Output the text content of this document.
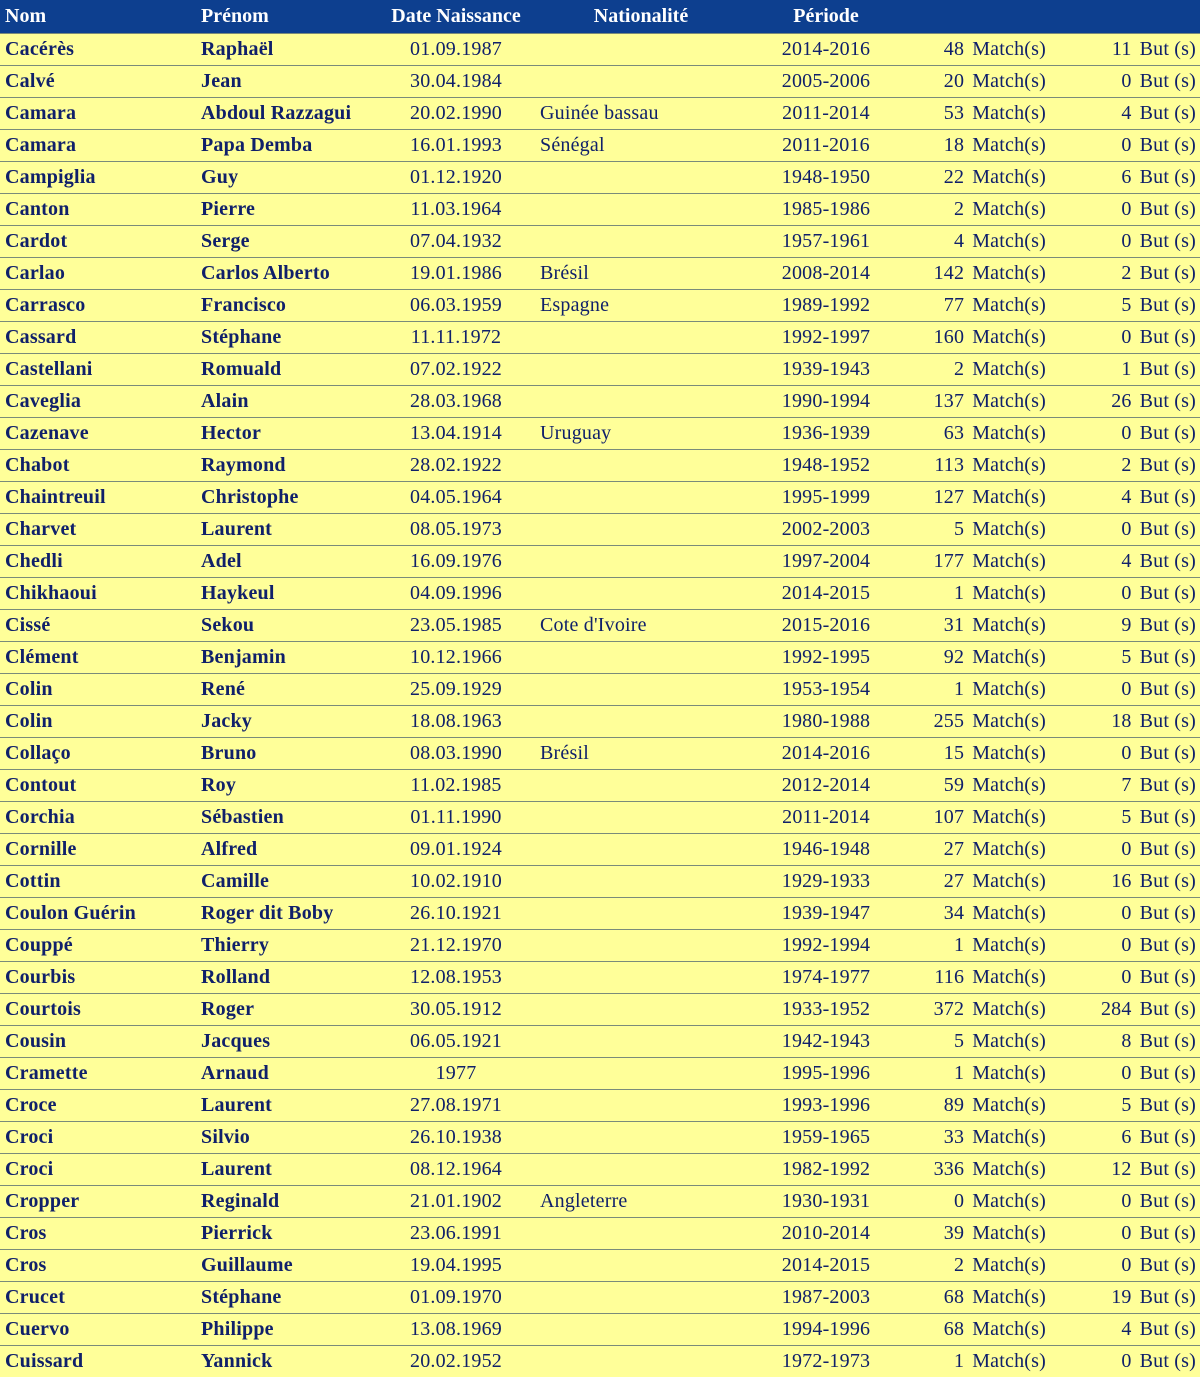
Nom	Prénom	Date Naissance	Nationalité	Période		
Cacérès	Raphaël	01.09.1987		2014-2016	48 Match(s)	11 But (s)
Calvé	Jean	30.04.1984		2005-2006	20 Match(s)	0 But (s)
Camara	Abdoul Razzagui	20.02.1990	Guinée bassau	2011-2014	53 Match(s)	4 But (s)
Camara	Papa Demba	16.01.1993	Sénégal	2011-2016	18 Match(s)	0 But (s)
Campiglia	Guy	01.12.1920		1948-1950	22 Match(s)	6 But (s)
Canton	Pierre	11.03.1964		1985-1986	2 Match(s)	0 But (s)
Cardot	Serge	07.04.1932		1957-1961	4 Match(s)	0 But (s)
Carlao	Carlos Alberto	19.01.1986	Brésil	2008-2014	142 Match(s)	2 But (s)
Carrasco	Francisco	06.03.1959	Espagne	1989-1992	77 Match(s)	5 But (s)
Cassard	Stéphane	11.11.1972		1992-1997	160 Match(s)	0 But (s)
Castellani	Romuald	07.02.1922		1939-1943	2 Match(s)	1 But (s)
Caveglia	Alain	28.03.1968		1990-1994	137 Match(s)	26 But (s)
Cazenave	Hector	13.04.1914	Uruguay	1936-1939	63 Match(s)	0 But (s)
Chabot	Raymond	28.02.1922		1948-1952	113 Match(s)	2 But (s)
Chaintreuil	Christophe	04.05.1964		1995-1999	127 Match(s)	4 But (s)
Charvet	Laurent	08.05.1973		2002-2003	5 Match(s)	0 But (s)
Chedli	Adel	16.09.1976		1997-2004	177 Match(s)	4 But (s)
Chikhaoui	Haykeul	04.09.1996		2014-2015	1 Match(s)	0 But (s)
Cissé	Sekou	23.05.1985	Cote d'Ivoire	2015-2016	31 Match(s)	9 But (s)
Clément	Benjamin	10.12.1966		1992-1995	92 Match(s)	5 But (s)
Colin	René	25.09.1929		1953-1954	1 Match(s)	0 But (s)
Colin	Jacky	18.08.1963		1980-1988	255 Match(s)	18 But (s)
Collaço	Bruno	08.03.1990	Brésil	2014-2016	15 Match(s)	0 But (s)
Contout	Roy	11.02.1985		2012-2014	59 Match(s)	7 But (s)
Corchia	Sébastien	01.11.1990		2011-2014	107 Match(s)	5 But (s)
Cornille	Alfred	09.01.1924		1946-1948	27 Match(s)	0 But (s)
Cottin	Camille	10.02.1910		1929-1933	27 Match(s)	16 But (s)
Coulon Guérin	Roger dit Boby	26.10.1921		1939-1947	34 Match(s)	0 But (s)
Couppé	Thierry	21.12.1970		1992-1994	1 Match(s)	0 But (s)
Courbis	Rolland	12.08.1953		1974-1977	116 Match(s)	0 But (s)
Courtois	Roger	30.05.1912		1933-1952	372 Match(s)	284 But (s)
Cousin	Jacques	06.05.1921		1942-1943	5 Match(s)	8 But (s)
Cramette	Arnaud	1977		1995-1996	1 Match(s)	0 But (s)
Croce	Laurent	27.08.1971		1993-1996	89 Match(s)	5 But (s)
Croci	Silvio	26.10.1938		1959-1965	33 Match(s)	6 But (s)
Croci	Laurent	08.12.1964		1982-1992	336 Match(s)	12 But (s)
Cropper	Reginald	21.01.1902	Angleterre	1930-1931	0 Match(s)	0 But (s)
Cros	Pierrick	23.06.1991		2010-2014	39 Match(s)	0 But (s)
Cros	Guillaume	19.04.1995		2014-2015	2 Match(s)	0 But (s)
Crucet	Stéphane	01.09.1970		1987-2003	68 Match(s)	19 But (s)
Cuervo	Philippe	13.08.1969		1994-1996	68 Match(s)	4 But (s)
Cuissard	Yannick	20.02.1952		1972-1973	1 Match(s)	0 But (s)
